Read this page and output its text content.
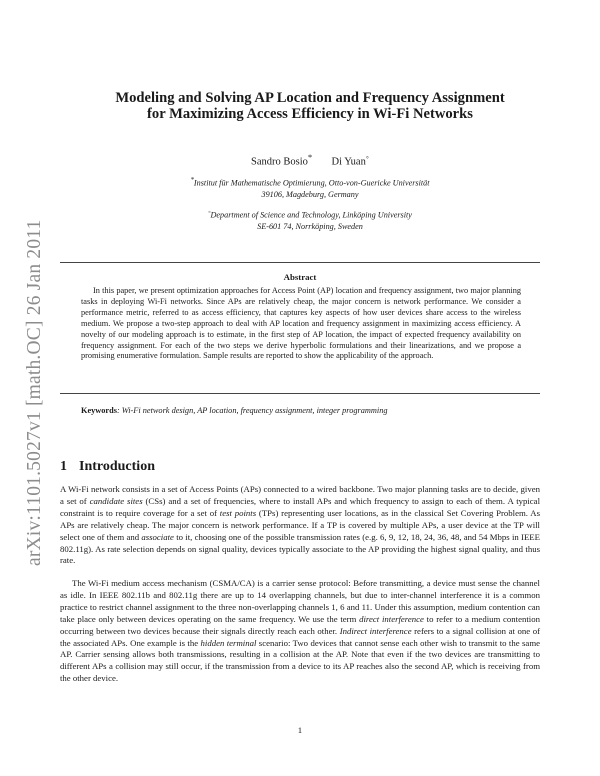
arXiv:1101.5027v1 [math.OC] 26 Jan 2011
Modeling and Solving AP Location and Frequency Assignment
for Maximizing Access Efficiency in Wi-Fi Networks
Sandro Bosio* Di Yuan◦
*Institut für Mathematische Optimierung, Otto-von-Guericke Universität
39106, Magdeburg, Germany
◦Department of Science and Technology, Linköping University
SE-601 74, Norrköping, Sweden
Abstract
In this paper, we present optimization approaches for Access Point (AP) location and frequency assignment, two major planning tasks in deploying Wi-Fi networks. Since APs are relatively cheap, the major concern is network performance. We consider a performance metric, referred to as access efficiency, that captures key aspects of how user devices share access to the wireless medium. We propose a two-step approach to deal with AP location and frequency assignment in maximizing access efficiency. A novelty of our modeling approach is to estimate, in the first step of AP location, the impact of expected frequency availability on frequency assignment. For each of the two steps we derive hyperbolic formulations and their linearizations, and we propose a promising enumerative formulation. Sample results are reported to show the applicability of the approach.
Keywords: Wi-Fi network design, AP location, frequency assignment, integer programming
1 Introduction
A Wi-Fi network consists in a set of Access Points (APs) connected to a wired backbone. Two major planning tasks are to decide, given a set of candidate sites (CSs) and a set of frequencies, where to install APs and which frequency to assign to each of them. A typical constraint is to require coverage for a set of test points (TPs) representing user locations, as in the classical Set Covering Problem. As APs are relatively cheap. The major concern is network performance. If a TP is covered by multiple APs, a user device at the TP will select one of them and associate to it, choosing one of the possible transmission rates (e.g. 6, 9, 12, 18, 24, 36, 48, and 54 Mbps in IEEE 802.11g). As rate selection depends on signal quality, devices typically associate to the AP providing the highest signal quality, and thus rate.
The Wi-Fi medium access mechanism (CSMA/CA) is a carrier sense protocol: Before transmitting, a device must sense the channel as idle. In IEEE 802.11b and 802.11g there are up to 14 overlapping channels, but due to inter-channel interference it is a common practice to restrict channel assignment to the three non-overlapping channels 1, 6 and 11. Under this assumption, medium contention can take place only between devices operating on the same frequency. We use the term direct interference to refer to a medium contention occurring between two devices because their signals directly reach each other. Indirect interference refers to a signal collision at one of the associated APs. One example is the hidden terminal scenario: Two devices that cannot sense each other wish to transmit to the same AP. Carrier sensing allows both transmissions, resulting in a collision at the AP. Note that even if the two devices are transmitting to different APs a collision may still occur, if the transmission from a device to its AP reaches also the second AP, which is receiving from the other device.
1
